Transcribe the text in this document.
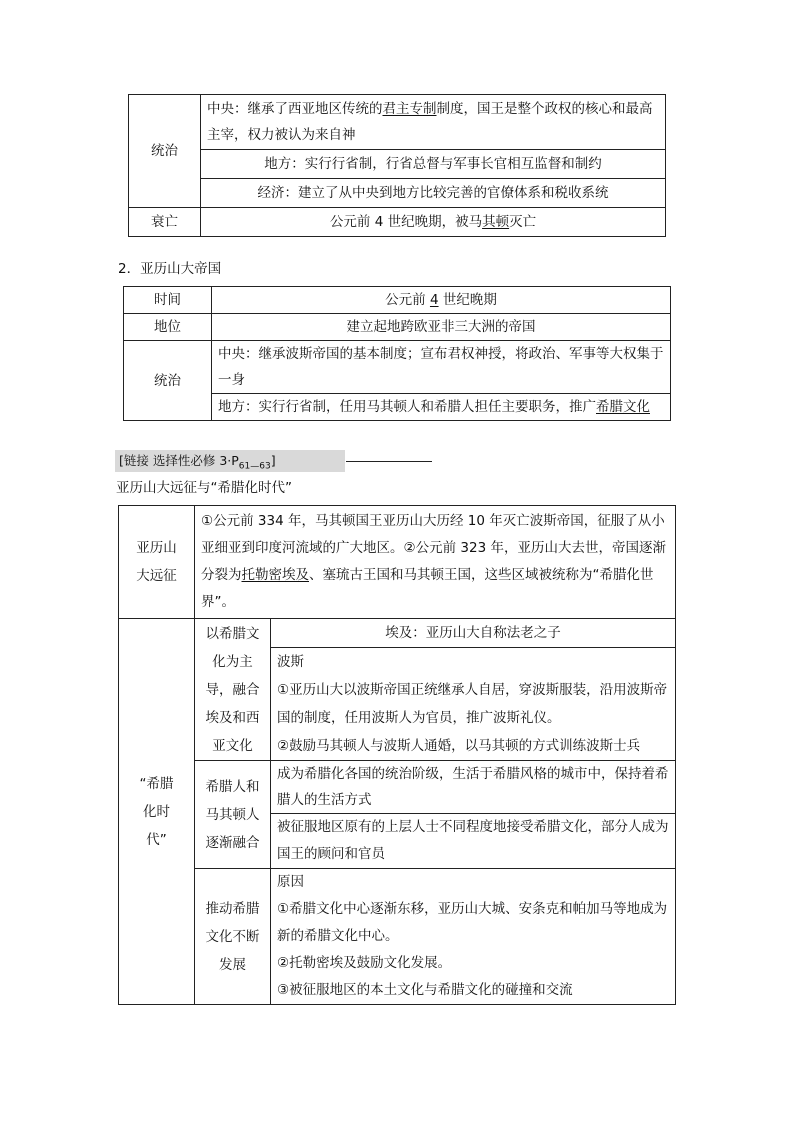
统治	中央：继承了西亚地区传统的君主专制制度，国王是整个政权的核心和最高主宰，权力被认为来自神
	地方：实行行省制，行省总督与军事长官相互监督和制约
	经济：建立了从中央到地方比较完善的官僚体系和税收系统
衰亡	公元前 4 世纪晚期，被马其顿灭亡
2．亚历山大帝国
时间	公元前 4 世纪晚期
地位	建立起地跨欧亚非三大洲的帝国
统治	中央：继承波斯帝国的基本制度；宣布君权神授，将政治、军事等大权集于一身
	地方：实行行省制，任用马其顿人和希腊人担任主要职务，推广希腊文化
[链接 选择性必修 $3\cdot P_{61—63}$]
亚历山大远征与“希腊化时代”
亚历山大远征	①公元前 334 年，马其顿国王亚历山大历经 10 年灭亡波斯帝国，征服了从小亚细亚到印度河流域的广大地区。②公元前 323 年，亚历山大去世，帝国逐渐分裂为托勒密埃及、塞琉古王国和马其顿王国，这些区域被统称为“希腊化世界”。	
“希腊化时代”	以希腊文化为主导，融合埃及和西亚文化	埃及：亚历山大自称法老之子

		波斯
①亚历山大以波斯帝国正统继承人自居，穿波斯服装，沿用波斯帝国的制度，任用波斯人为官员，推广波斯礼仪。
②鼓励马其顿人与波斯人通婚，以马其顿的方式训练波斯士兵

	希腊人和马其顿人逐渐融合	成为希腊化各国的统治阶级，生活于希腊风格的城市中，保持着希腊人的生活方式
		被征服地区原有的上层人士不同程度地接受希腊文化，部分人成为国王的顾问和官员
	推动希腊文化不断发展	原因
①希腊文化中心逐渐东移，亚历山大城、安条克和帕加马等地成为新的希腊文化中心。
②托勒密埃及鼓励文化发展。
③被征服地区的本土文化与希腊文化的碰撞和交流
